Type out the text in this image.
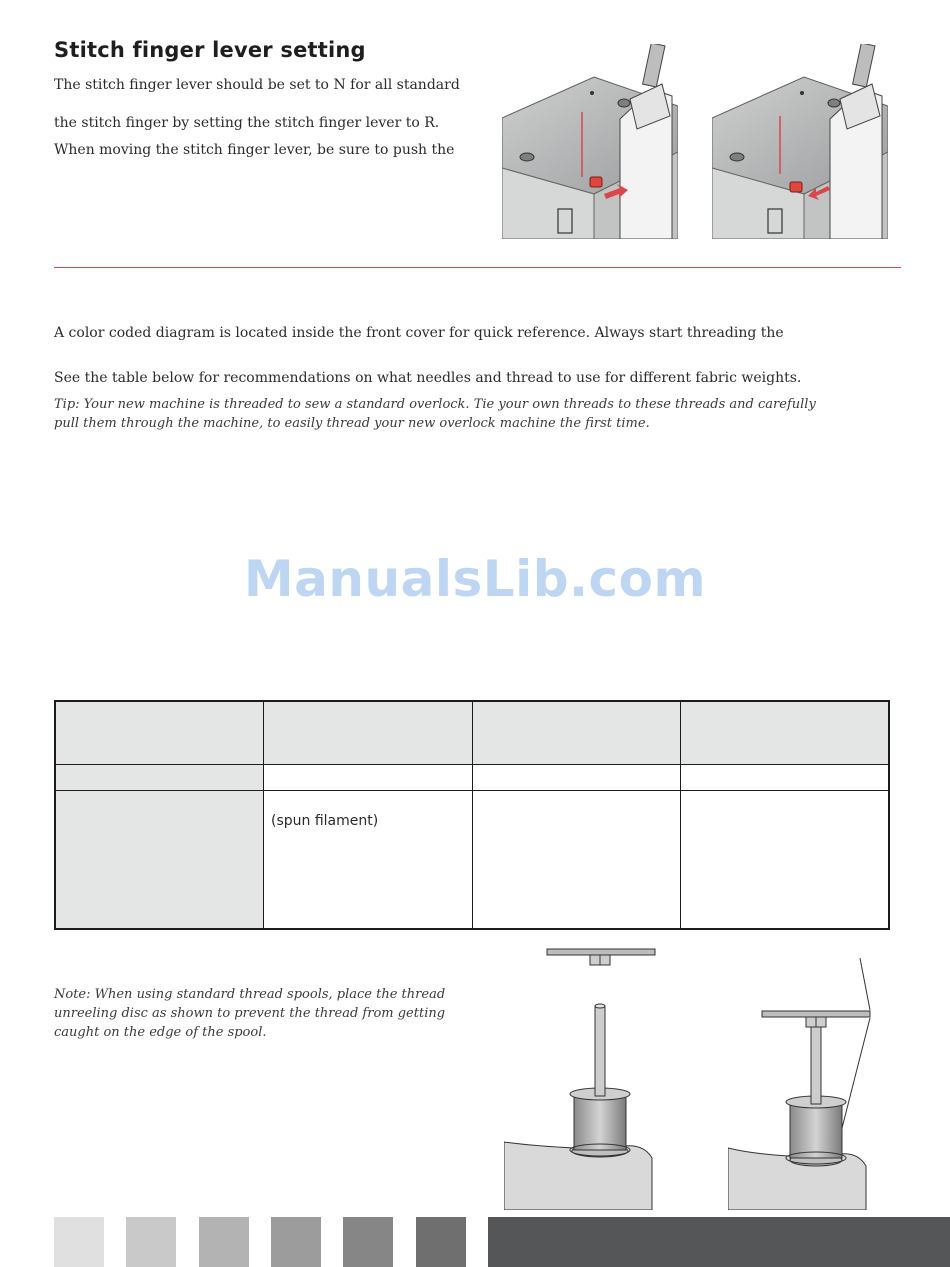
Stitch finger lever setting
The stitch finger lever should be set to N for all standard
the stitch finger by setting the stitch finger lever to R.
When moving the stitch finger lever, be sure to push the
A color coded diagram is located inside the front cover for quick reference. Always start threading the
See the table below for recommendations on what needles and thread to use for different fabric weights.
Tip: Your new machine is threaded to sew a standard overlock. Tie your own threads to these threads and carefully
pull them through the machine, to easily thread your new overlock machine the first time.
ManualsLib.com

	(spun filament)		

Note: When using standard thread spools, place the thread
unreeling disc as shown to prevent the thread from getting
caught on the edge of the spool.
